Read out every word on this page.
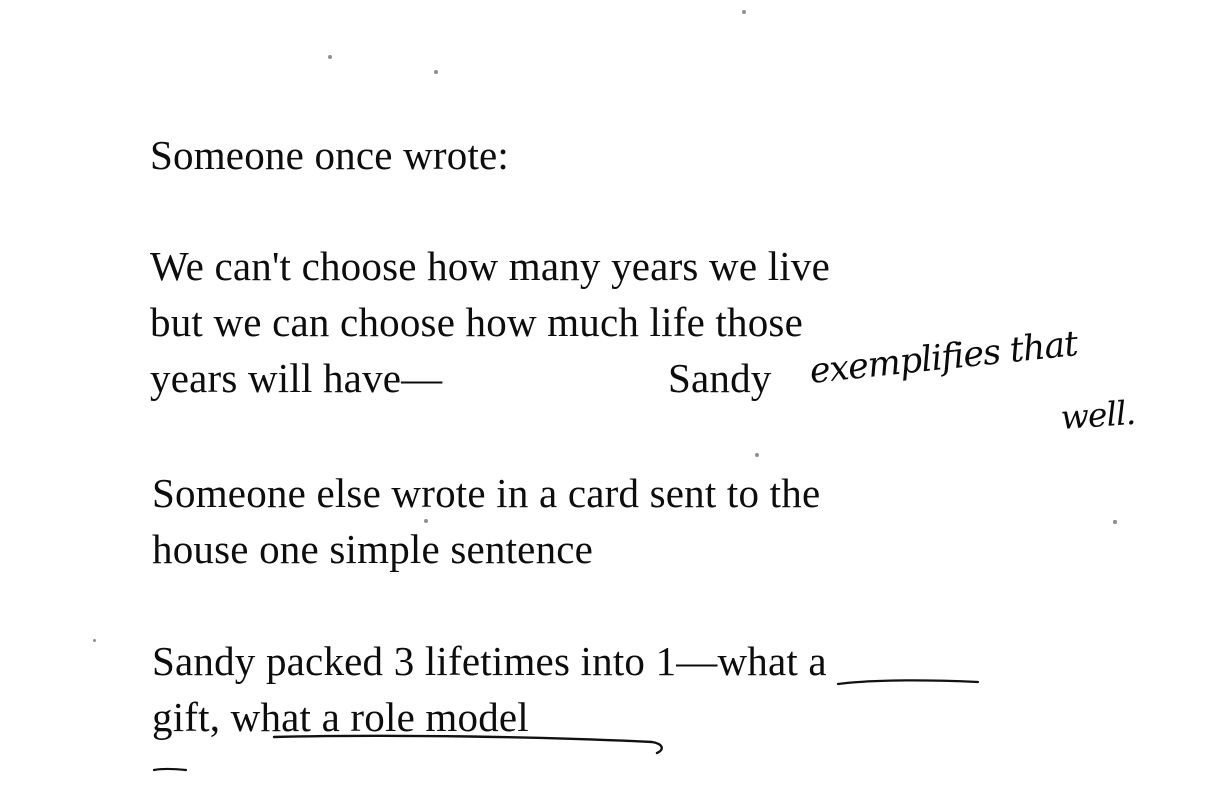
Someone once wrote:
We can't choose how many years we live
but we can choose how much life those
years will have—	Sandy exemplifies that
well.
Someone else wrote in a card sent to the
house one simple sentence
Sandy packed 3 lifetimes into 1—what a
gift, what a role model
